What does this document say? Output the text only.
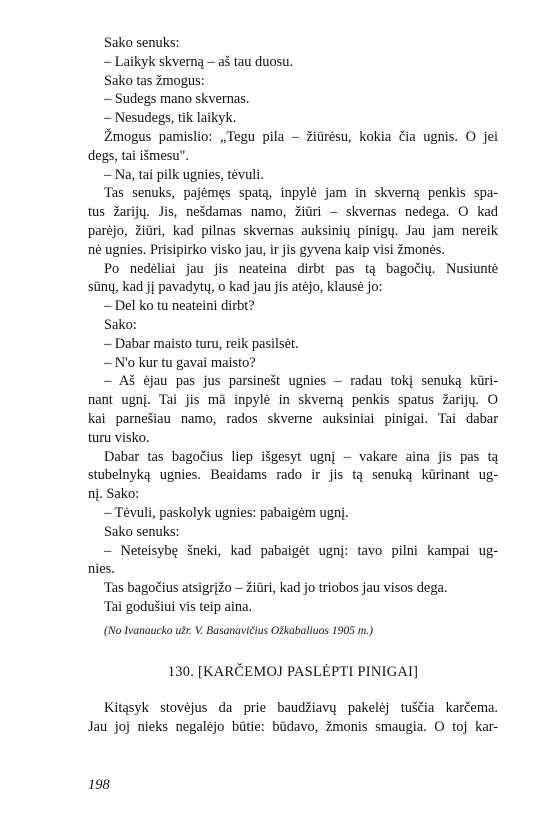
Sako senuks:
– Laikyk skverną – aš tau duosu.
Sako tas žmogus:
– Sudegs mano skvernas.
– Nesudegs, tik laikyk.
Žmogus pamislio: „Tegu pila – žiūrėsu, kokia čia ugnis. O jei
degs, tai išmesu".
– Na, tai pilk ugnies, tėvuli.
Tas senuks, pajėmęs spatą, inpylė jam in skverną penkis spa-
tus žarijų. Jis, nešdamas namo, žiūri – skvernas nedega. O kad
parėjo, žiūri, kad pilnas skvernas auksinių pinigų. Jau jam nereik
nė ugnies. Prisipirko visko jau, ir jis gyvena kaip visi žmonės.
Po nedėliai jau jis neateina dirbt pas tą bagočių. Nusiuntė
sūnų, kad jį pavadytų, o kad jau jis atėjo, klausė jo:
– Del ko tu neateini dirbt?
Sako:
– Dabar maisto turu, reik pasilsėt.
– N'o kur tu gavai maisto?
– Aš ėjau pas jus parsinešt ugnies – radau tokį senuką kūri-
nant ugnį. Tai jis mā inpylė in skverną penkis spatus žarijų. O
kai parnešiau namo, rados skverne auksiniai pinigai. Tai dabar
turu visko.
Dabar tas bagočius liep išgesyt ugnį – vakare aina jis pas tą
stubelnyką ugnies. Beaidams rado ir jis tą senuką kūrinant ug-
nį. Sako:
– Tėvuli, paskolyk ugnies: pabaigėm ugnį.
Sako senuks:
– Neteisybę šneki, kad pabaigėt ugnį: tavo pilni kampai ug-
nies.
Tas bagočius atsigrįžo – žiūri, kad jo triobos jau visos dega.
Tai godušiui vis teip aina.
(No Ivanaucko užr. V. Basanavičius Ožkabaliuos 1905 m.)
130. [KARČEMOJ PASLĖPTI PINIGAI]
Kitąsyk stovėjus da prie baudžiavų pakelėj tuščia karčema.
Jau joj nieks negalėjo būtie: būdavo, žmonis smaugia. O toj kar-
198
